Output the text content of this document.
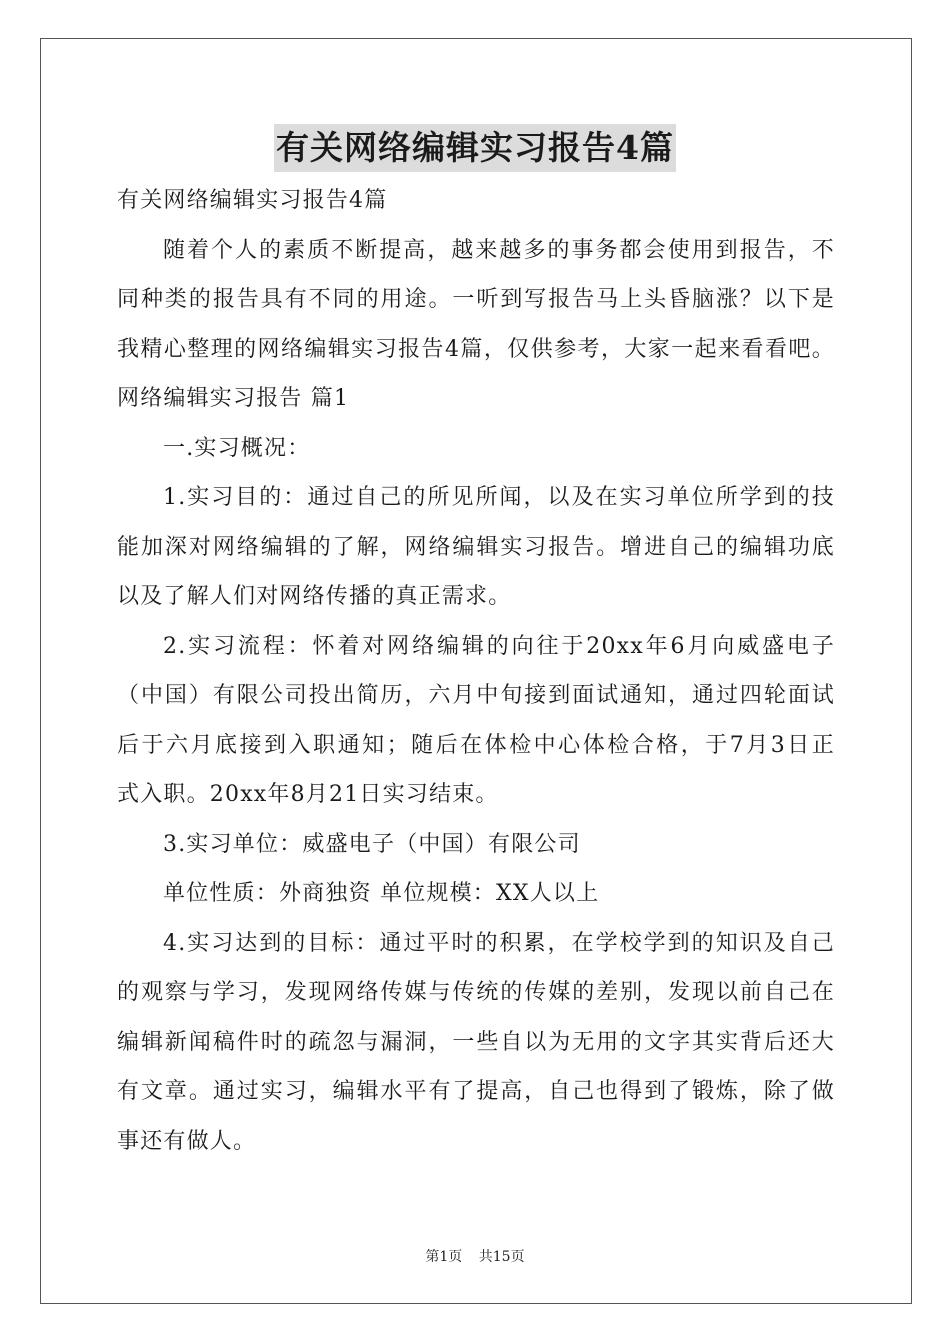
有关网络编辑实习报告4篇

有关网络编辑实习报告4篇

随着个人的素质不断提高，越来越多的事务都会使用到报告，不

同种类的报告具有不同的用途。一听到写报告马上头昏脑涨？以下是

我精心整理的网络编辑实习报告4篇，仅供参考，大家一起来看看吧。

网络编辑实习报告 篇1

一.实习概况：

1.实习目的：通过自己的所见所闻，以及在实习单位所学到的技

能加深对网络编辑的了解，网络编辑实习报告。增进自己的编辑功底

以及了解人们对网络传播的真正需求。

2.实习流程：怀着对网络编辑的向往于20xx年6月向威盛电子

（中国）有限公司投出简历，六月中旬接到面试通知，通过四轮面试

后于六月底接到入职通知；随后在体检中心体检合格，于7月3日正

式入职。20xx年8月21日实习结束。

3.实习单位：威盛电子（中国）有限公司

单位性质：外商独资 单位规模：XX人以上

4.实习达到的目标：通过平时的积累，在学校学到的知识及自己

的观察与学习，发现网络传媒与传统的传媒的差别，发现以前自己在

编辑新闻稿件时的疏忽与漏洞，一些自以为无用的文字其实背后还大

有文章。通过实习，编辑水平有了提高，自己也得到了锻炼，除了做

事还有做人。

第1页 共15页
